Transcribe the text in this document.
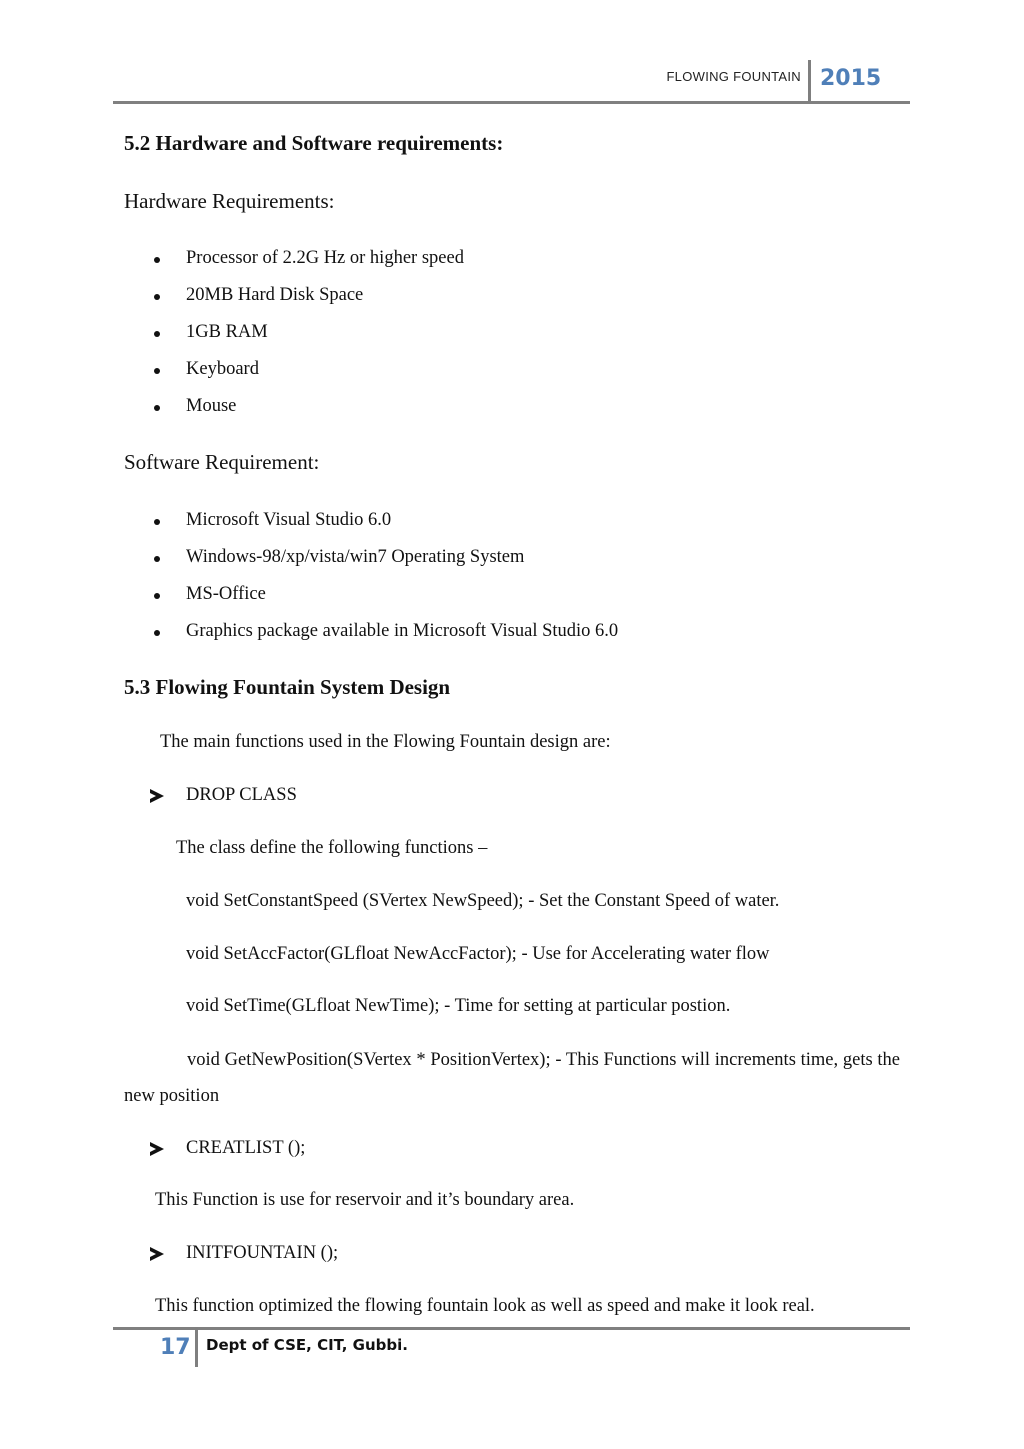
FLOWING FOUNTAIN 2015
5.2 Hardware and Software requirements:
Hardware Requirements:
Processor of 2.2G Hz or higher speed
20MB Hard Disk Space
1GB RAM
Keyboard
Mouse
Software Requirement:
Microsoft Visual Studio 6.0
Windows-98/xp/vista/win7 Operating System
MS-Office
Graphics package available in Microsoft Visual Studio 6.0
5.3 Flowing Fountain System Design
The main functions used in the Flowing Fountain design are:
DROP CLASS
The class define the following functions –
void SetConstantSpeed (SVertex NewSpeed); - Set the Constant Speed of water.
void SetAccFactor(GLfloat NewAccFactor); - Use for Accelerating water flow
void SetTime(GLfloat NewTime); - Time for setting at particular postion.
void GetNewPosition(SVertex * PositionVertex); - This Functions will increments time, gets the new position
CREATLIST ();
This Function is use for reservoir and it’s boundary area.
INITFOUNTAIN ();
This function optimized the flowing fountain look as well as speed and make it look real.
17 Dept of CSE, CIT, Gubbi.
